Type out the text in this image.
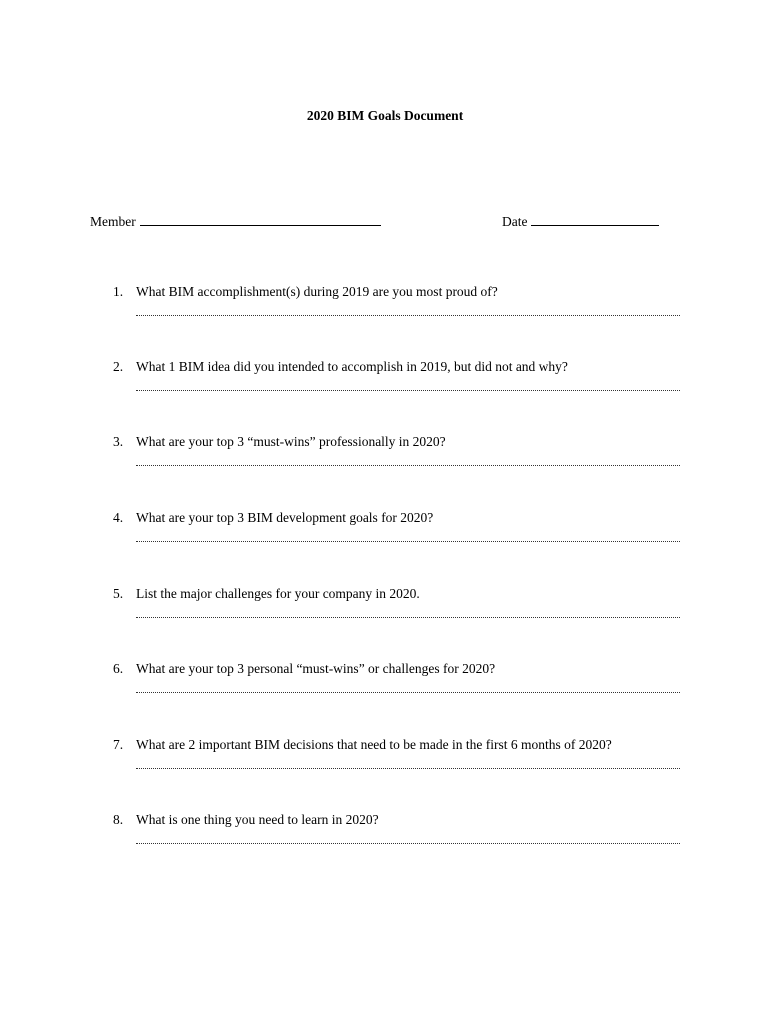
2020 BIM Goals Document
Member	Date
1. What BIM accomplishment(s) during 2019 are you most proud of?
2. What 1 BIM idea did you intended to accomplish in 2019, but did not and why?
3. What are your top 3 “must-wins” professionally in 2020?
4. What are your top 3 BIM development goals for 2020?
5. List the major challenges for your company in 2020.
6. What are your top 3 personal “must-wins” or challenges for 2020?
7. What are 2 important BIM decisions that need to be made in the first 6 months of 2020?
8. What is one thing you need to learn in 2020?
